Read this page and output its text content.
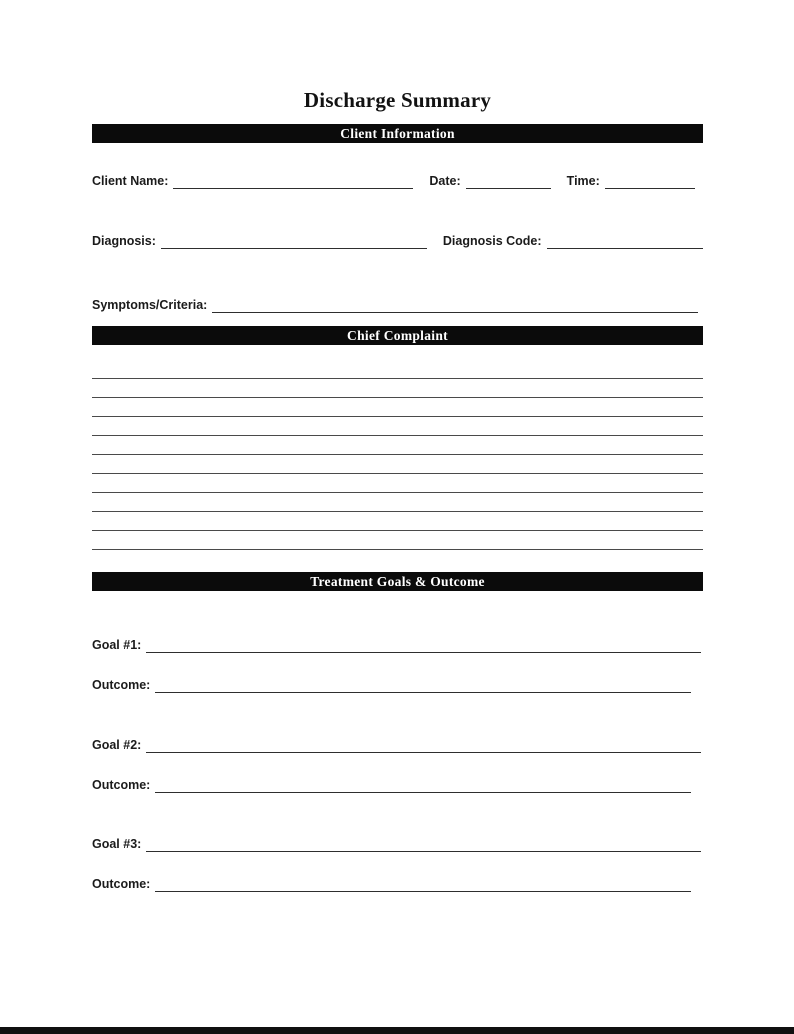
Discharge Summary
Client Information
Client Name:	Date:	Time:
Diagnosis:	Diagnosis Code:
Symptoms/Criteria:
Chief Complaint
Treatment Goals & Outcome
Goal #1:
Outcome:
Goal #2:
Outcome:
Goal #3:
Outcome:
